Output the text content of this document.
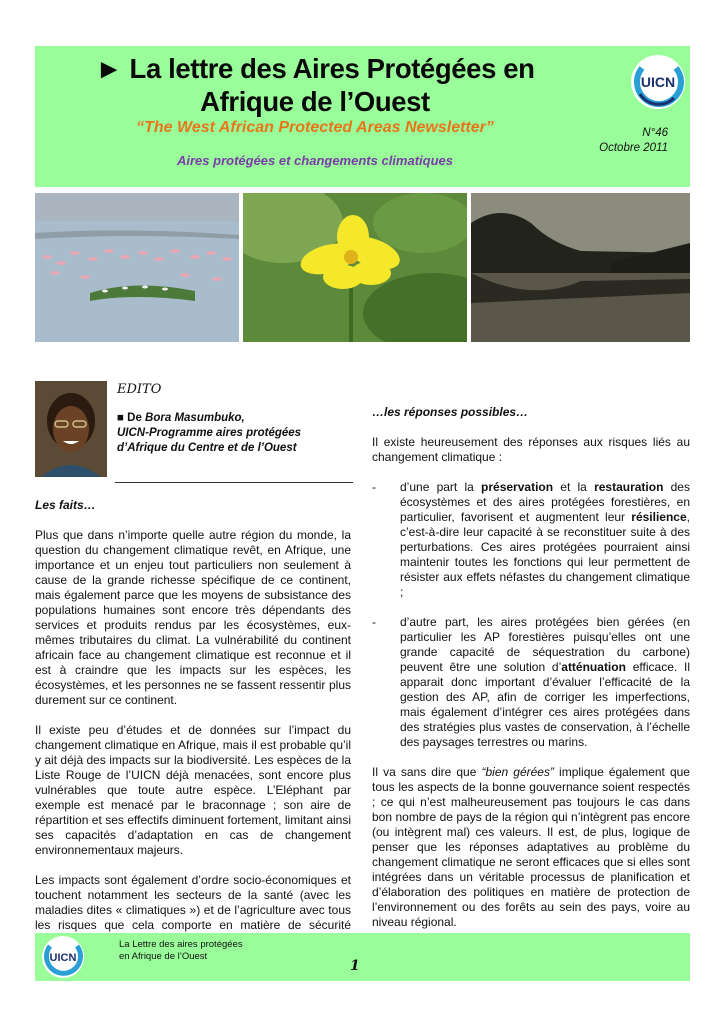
► La lettre des Aires Protégées en
Afrique de l’Ouest
“The West African Protected Areas Newsletter”
Aires protégées et changements climatiques
N°46
Octobre 2011
UICN
EDITO
■ De Bora Masumbuko,
UICN-Programme aires protégées
d’Afrique du Centre et de l’Ouest
Les faits…

Plus que dans n’importe quelle autre région du monde, la question du changement climatique revêt, en Afrique, une importance et un enjeu tout particuliers non seulement à cause de la grande richesse spécifique de ce continent, mais également parce que les moyens de subsistance des populations humaines sont encore très dépendants des services et produits rendus par les écosystèmes, eux-mêmes tributaires du climat. La vulnérabilité du continent africain face au changement climatique est reconnue et il est à craindre que les impacts sur les espèces, les écosystèmes, et les personnes ne se fassent ressentir plus durement sur ce continent.

Il existe peu d’études et de données sur l’impact du changement climatique en Afrique, mais il est probable qu’il y ait déjà des impacts sur la biodiversité. Les espèces de la Liste Rouge de l’UICN déjà menacées, sont encore plus vulnérables que toute autre espèce. L’Eléphant par exemple est menacé par le braconnage ; son aire de répartition et ses effectifs diminuent fortement, limitant ainsi ses capacités d’adaptation en cas de changement environnementaux majeurs.

Les impacts sont également d’ordre socio-économiques et touchent notamment les secteurs de la santé (avec les maladies dites « climatiques ») et de l’agriculture avec tous les risques que cela comporte en matière de sécurité

…les réponses possibles…

Il existe heureusement des réponses aux risques liés au changement climatique :

-	d’une part la préservation et la restauration des écosystèmes et des aires protégées forestières, en particulier, favorisent et augmentent leur résilience, c’est-à-dire leur capacité à se reconstituer suite à des perturbations. Ces aires protégées pourraient ainsi maintenir toutes les fonctions qui leur permettent de résister aux effets néfastes du changement climatique ;
-	d’autre part, les aires protégées bien gérées (en particulier les AP forestières puisqu’elles ont une grande capacité de séquestration du carbone) peuvent être une solution d’atténuation efficace. Il apparait donc important d’évaluer l’efficacité de la gestion des AP, afin de corriger les imperfections, mais également d’intégrer ces aires protégées dans des stratégies plus vastes de conservation, à l’échelle des paysages terrestres ou marins.

Il va sans dire que “bien gérées” implique également que tous les aspects de la bonne gouvernance soient respectés ; ce qui n’est malheureusement pas toujours le cas dans bon nombre de pays de la région qui n’intègrent pas encore (ou intègrent mal) ces valeurs. Il est, de plus, logique de penser que les réponses adaptatives au problème du changement climatique ne seront efficaces que si elles sont intégrées dans un véritable processus de planification et d’élaboration des politiques en matière de protection de l’environnement ou des forêts au sein des pays, voire au niveau régional.

UICN
La Lettre des aires protégées
en Afrique de l’Ouest
1
